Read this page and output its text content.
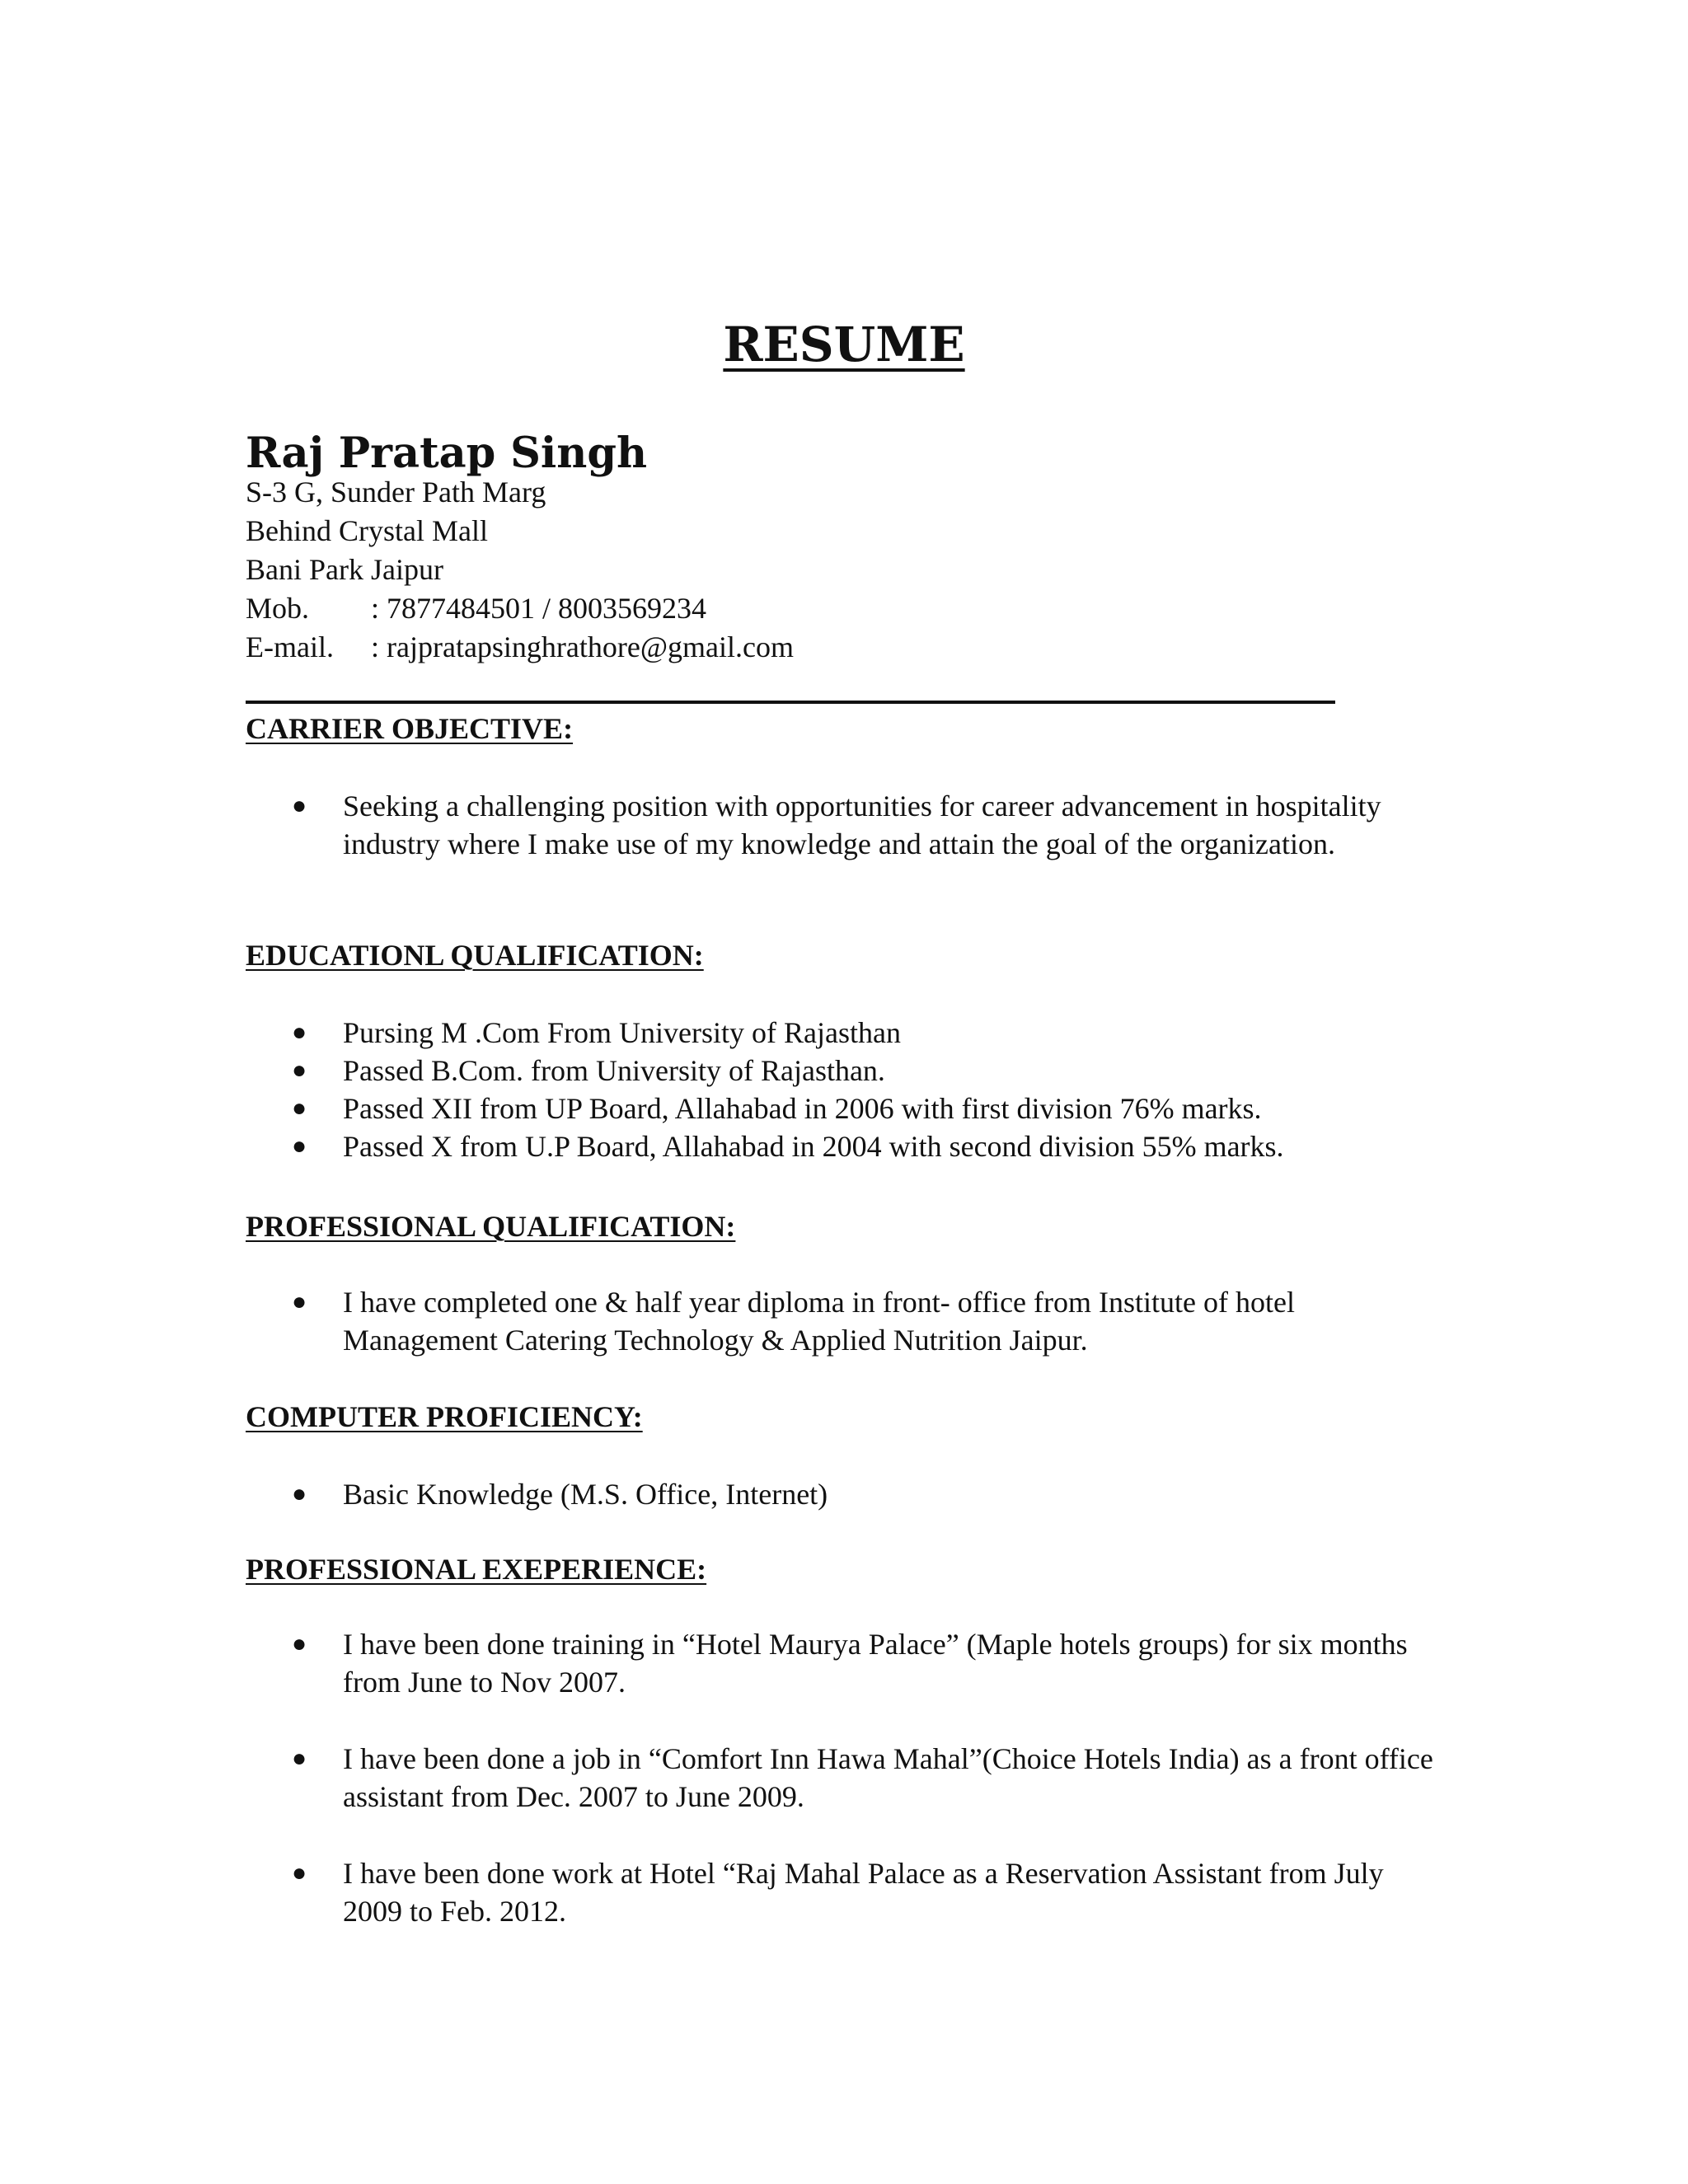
RESUME
Raj Pratap Singh
S-3 G, Sunder Path Marg
Behind Crystal Mall
Bani Park Jaipur
Mob. : 7877484501 / 8003569234
E-mail. : rajpratapsinghrathore@gmail.com
CARRIER OBJECTIVE:
● Seeking a challenging position with opportunities for career advancement in hospitality industry where I make use of my knowledge and attain the goal of the organization.
EDUCATIONL QUALIFICATION:
● Pursing M .Com From University of Rajasthan
● Passed B.Com. from University of Rajasthan.
● Passed XII from UP Board, Allahabad in 2006 with first division 76% marks.
● Passed X from U.P Board, Allahabad in 2004 with second division 55% marks.
PROFESSIONAL QUALIFICATION:
● I have completed one & half year diploma in front- office from Institute of hotel Management Catering Technology & Applied Nutrition Jaipur.
COMPUTER PROFICIENCY:
● Basic Knowledge (M.S. Office, Internet)
PROFESSIONAL EXEPERIENCE:
● I have been done training in “Hotel Maurya Palace” (Maple hotels groups) for six months from June to Nov 2007.
● I have been done a job in “Comfort Inn Hawa Mahal”(Choice Hotels India) as a front office assistant from Dec. 2007 to June 2009.
● I have been done work at Hotel “Raj Mahal Palace as a Reservation Assistant from July 2009 to Feb. 2012.
